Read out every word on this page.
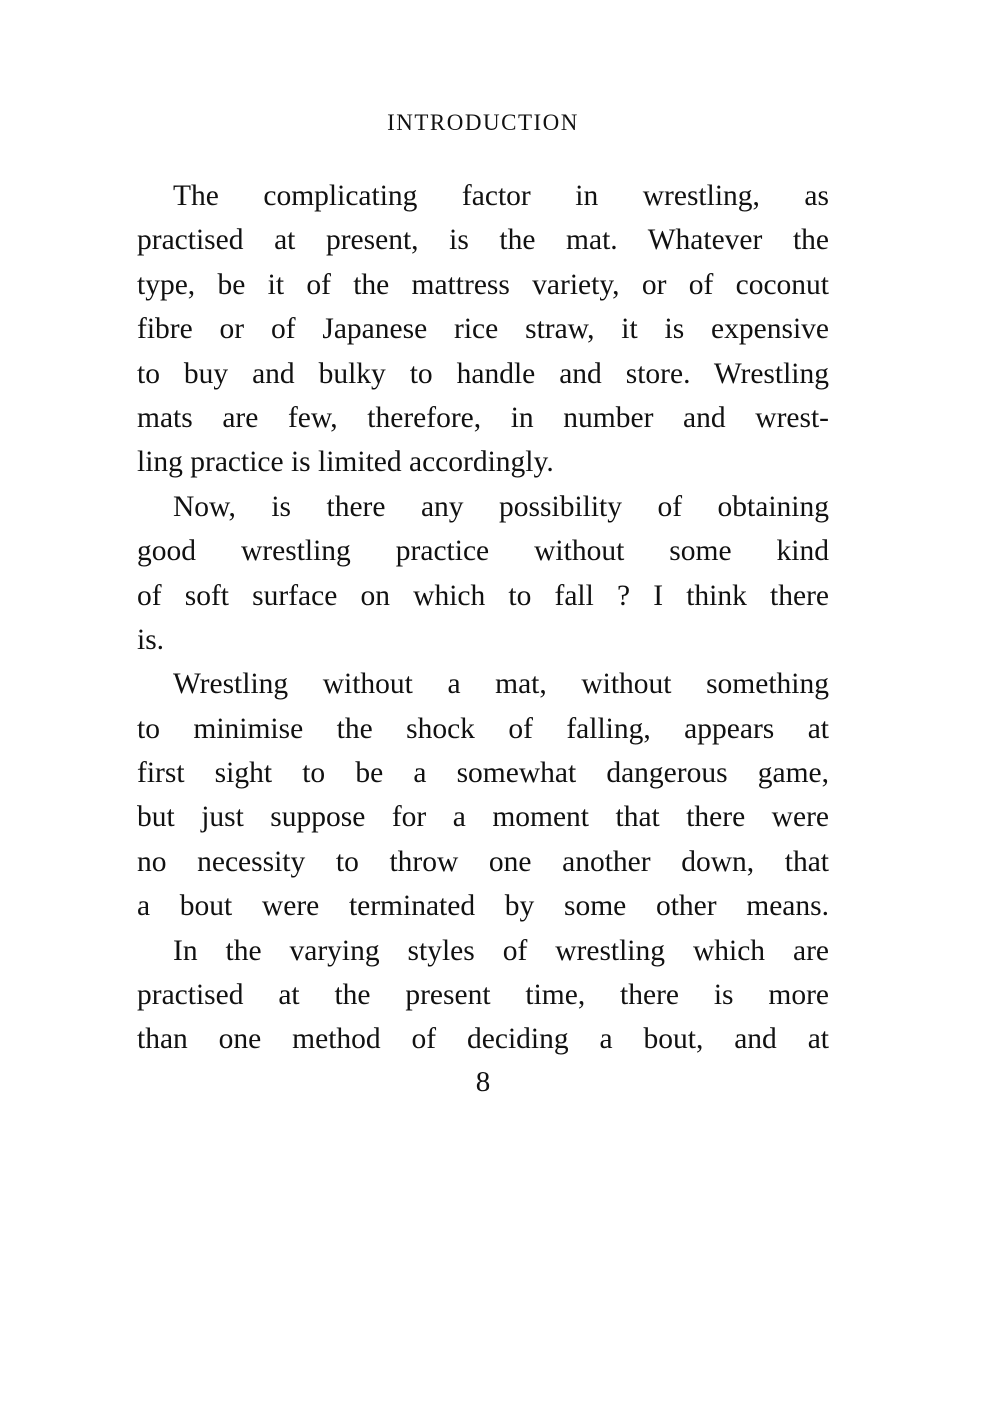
INTRODUCTION
The complicating factor in wrestling, as
practised at present, is the mat. Whatever the
type, be it of the mattress variety, or of coconut
fibre or of Japanese rice straw, it is expensive
to buy and bulky to handle and store. Wrestling
mats are few, therefore, in number and wrest-
ling practice is limited accordingly.
Now, is there any possibility of obtaining
good wrestling practice without some kind
of soft surface on which to fall ? I think there
is.
Wrestling without a mat, without something
to minimise the shock of falling, appears at
first sight to be a somewhat dangerous game,
but just suppose for a moment that there were
no necessity to throw one another down, that
a bout were terminated by some other means.
In the varying styles of wrestling which are
practised at the present time, there is more
than one method of deciding a bout, and at
8
